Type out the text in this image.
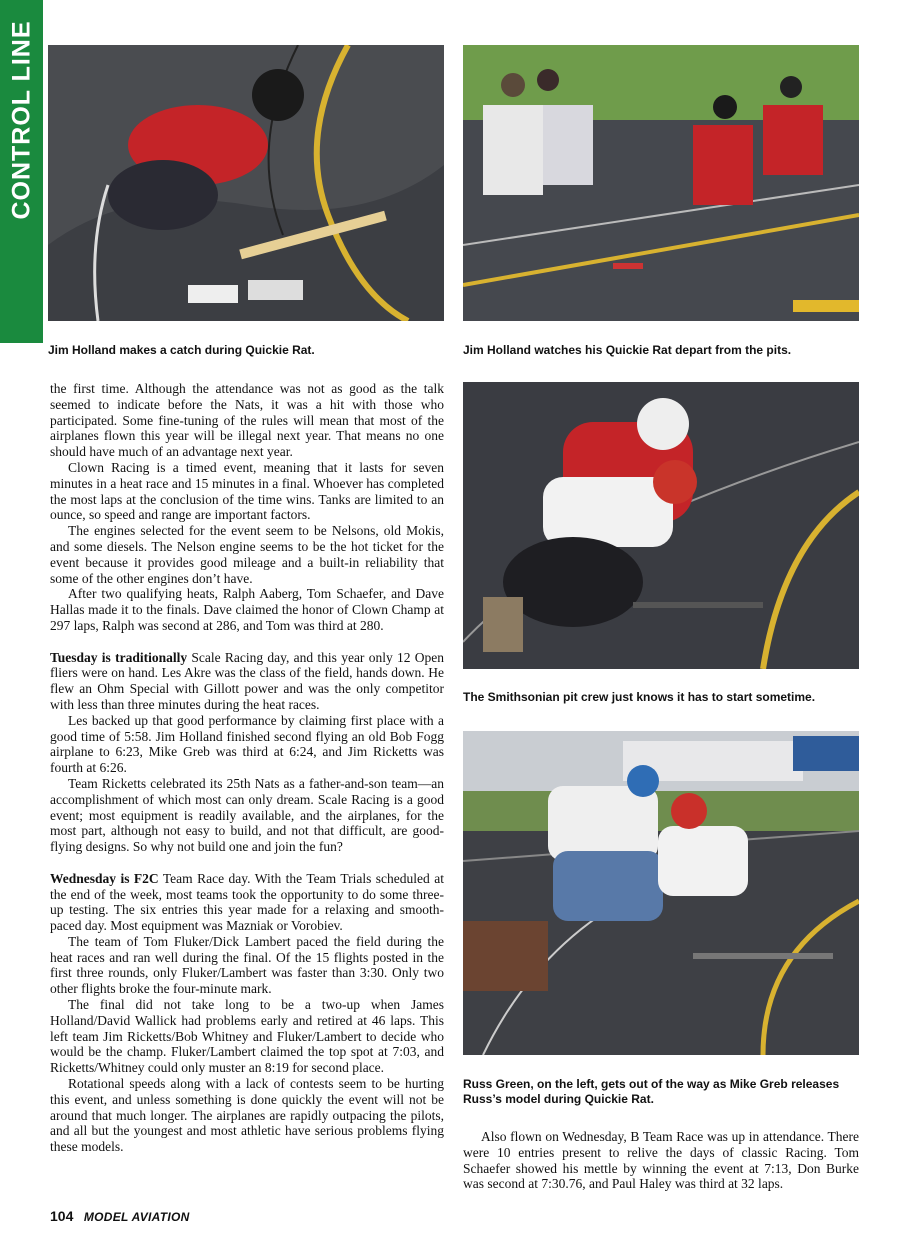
CONTROL LINE
Jim Holland makes a catch during Quickie Rat.	Jim Holland watches his Quickie Rat depart from the pits.
The Smithsonian pit crew just knows it has to start sometime.
Russ Green, on the left, gets out of the way as Mike Greb releases Russ’s model during Quickie Rat.

the first time. Although the attendance was not as good as the talk seemed to indicate before the Nats, it was a hit with those who participated. Some fine-tuning of the rules will mean that most of the airplanes flown this year will be illegal next year. That means no one should have much of an advantage next year.

Clown Racing is a timed event, meaning that it lasts for seven minutes in a heat race and 15 minutes in a final. Whoever has completed the most laps at the conclusion of the time wins. Tanks are limited to an ounce, so speed and range are important factors.

The engines selected for the event seem to be Nelsons, old Mokis, and some diesels. The Nelson engine seems to be the hot ticket for the event because it provides good mileage and a built-in reliability that some of the other engines don’t have.

After two qualifying heats, Ralph Aaberg, Tom Schaefer, and Dave Hallas made it to the finals. Dave claimed the honor of Clown Champ at 297 laps, Ralph was second at 286, and Tom was third at 280.

Tuesday is traditionally Scale Racing day, and this year only 12 Open fliers were on hand. Les Akre was the class of the field, hands down. He flew an Ohm Special with Gillott power and was the only competitor with less than three minutes during the heat races.

Les backed up that good performance by claiming first place with a good time of 5:58. Jim Holland finished second flying an old Bob Fogg airplane to 6:23, Mike Greb was third at 6:24, and Jim Ricketts was fourth at 6:26.

Team Ricketts celebrated its 25th Nats as a father-and-son team—an accomplishment of which most can only dream. Scale Racing is a good event; most equipment is readily available, and the airplanes, for the most part, although not easy to build, and not that difficult, are good-flying designs. So why not build one and join the fun?

Wednesday is F2C Team Race day. With the Team Trials scheduled at the end of the week, most teams took the opportunity to do some three-up testing. The six entries this year made for a relaxing and smooth-paced day. Most equipment was Mazniak or Vorobiev.

The team of Tom Fluker/Dick Lambert paced the field during the heat races and ran well during the final. Of the 15 flights posted in the first three rounds, only Fluker/Lambert was faster than 3:30. Only two other flights broke the four-minute mark.

The final did not take long to be a two-up when James Holland/David Wallick had problems early and retired at 46 laps. This left team Jim Ricketts/Bob Whitney and Fluker/Lambert to decide who would be the champ. Fluker/Lambert claimed the top spot at 7:03, and Ricketts/Whitney could only muster an 8:19 for second place.

Rotational speeds along with a lack of contests seem to be hurting this event, and unless something is done quickly the event will not be around that much longer. The airplanes are rapidly outpacing the pilots, and all but the youngest and most athletic have serious problems flying these models.

Also flown on Wednesday, B Team Race was up in attendance. There were 10 entries present to relive the days of classic Racing. Tom Schaefer showed his mettle by winning the event at 7:13, Don Burke was second at 7:30.76, and Paul Haley was third at 32 laps.

104 MODEL AVIATION
